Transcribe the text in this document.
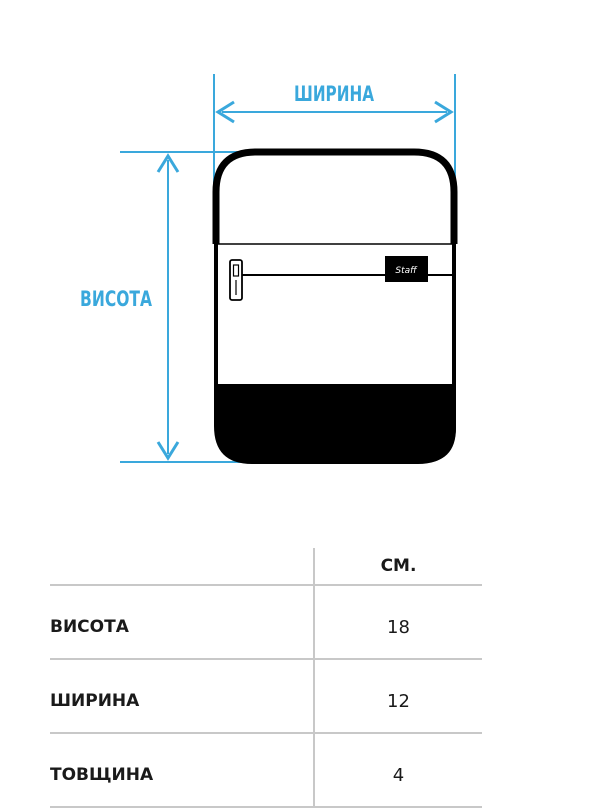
ШИРИНА
ВИСОТА
Staff
	СМ.
ВИСОТА	18
ШИРИНА	12
ТОВЩИНА	4
